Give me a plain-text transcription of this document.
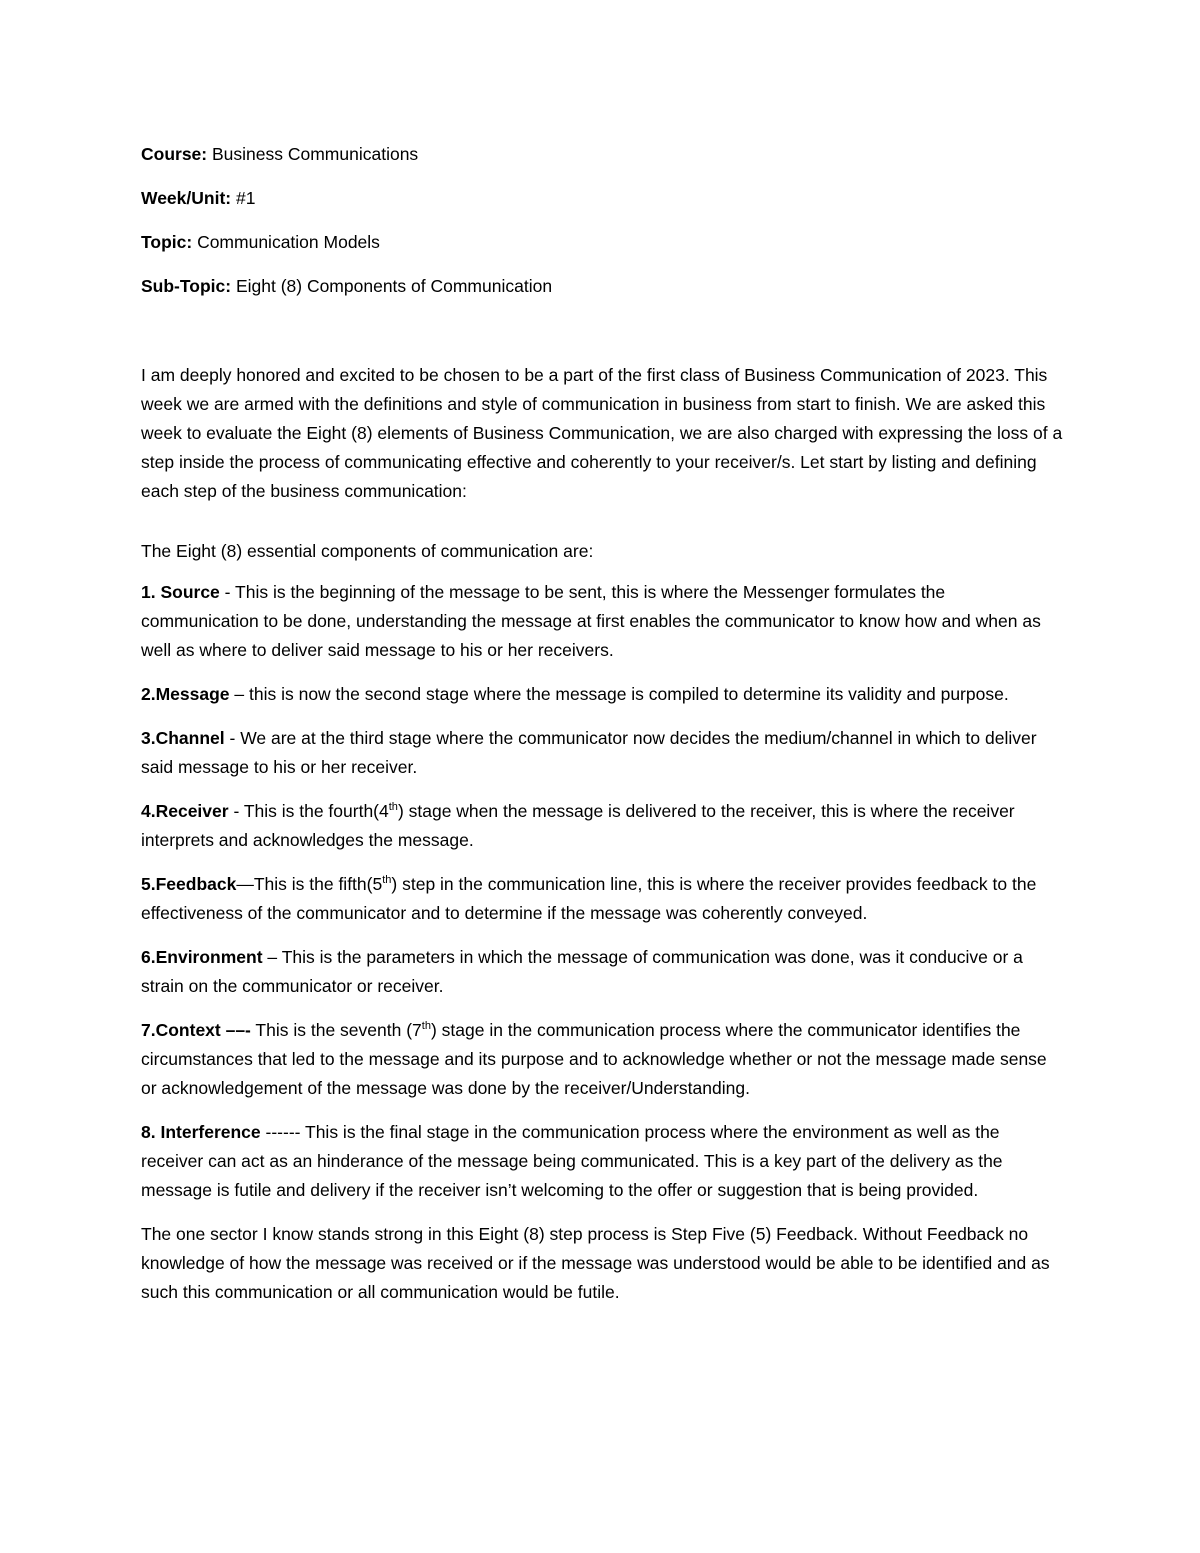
Course: Business Communications
Week/Unit: #1
Topic: Communication Models
Sub-Topic: Eight (8) Components of Communication

I am deeply honored and excited to be chosen to be a part of the first class of Business Communication of 2023. This week we are armed with the definitions and style of communication in business from start to finish. We are asked this week to evaluate the Eight (8) elements of Business Communication, we are also charged with expressing the loss of a step inside the process of communicating effective and coherently to your receiver/s. Let start by listing and defining each step of the business communication:

The Eight (8) essential components of communication are:

1. Source - This is the beginning of the message to be sent, this is where the Messenger formulates the communication to be done, understanding the message at first enables the communicator to know how and when as well as where to deliver said message to his or her receivers.

2.Message – this is now the second stage where the message is compiled to determine its validity and purpose.

3.Channel - We are at the third stage where the communicator now decides the medium/channel in which to deliver said message to his or her receiver.

4.Receiver - This is the fourth(4th) stage when the message is delivered to the receiver, this is where the receiver interprets and acknowledges the message.

5.Feedback—This is the fifth(5th) step in the communication line, this is where the receiver provides feedback to the effectiveness of the communicator and to determine if the message was coherently conveyed.

6.Environment – This is the parameters in which the message of communication was done, was it conducive or a strain on the communicator or receiver.

7.Context ––- This is the seventh (7th) stage in the communication process where the communicator identifies the circumstances that led to the message and its purpose and to acknowledge whether or not the message made sense or acknowledgement of the message was done by the receiver/Understanding.

8. Interference ------ This is the final stage in the communication process where the environment as well as the receiver can act as an hinderance of the message being communicated. This is a key part of the delivery as the message is futile and delivery if the receiver isn’t welcoming to the offer or suggestion that is being provided.

The one sector I know stands strong in this Eight (8) step process is Step Five (5) Feedback. Without Feedback no knowledge of how the message was received or if the message was understood would be able to be identified and as such this communication or all communication would be futile.
